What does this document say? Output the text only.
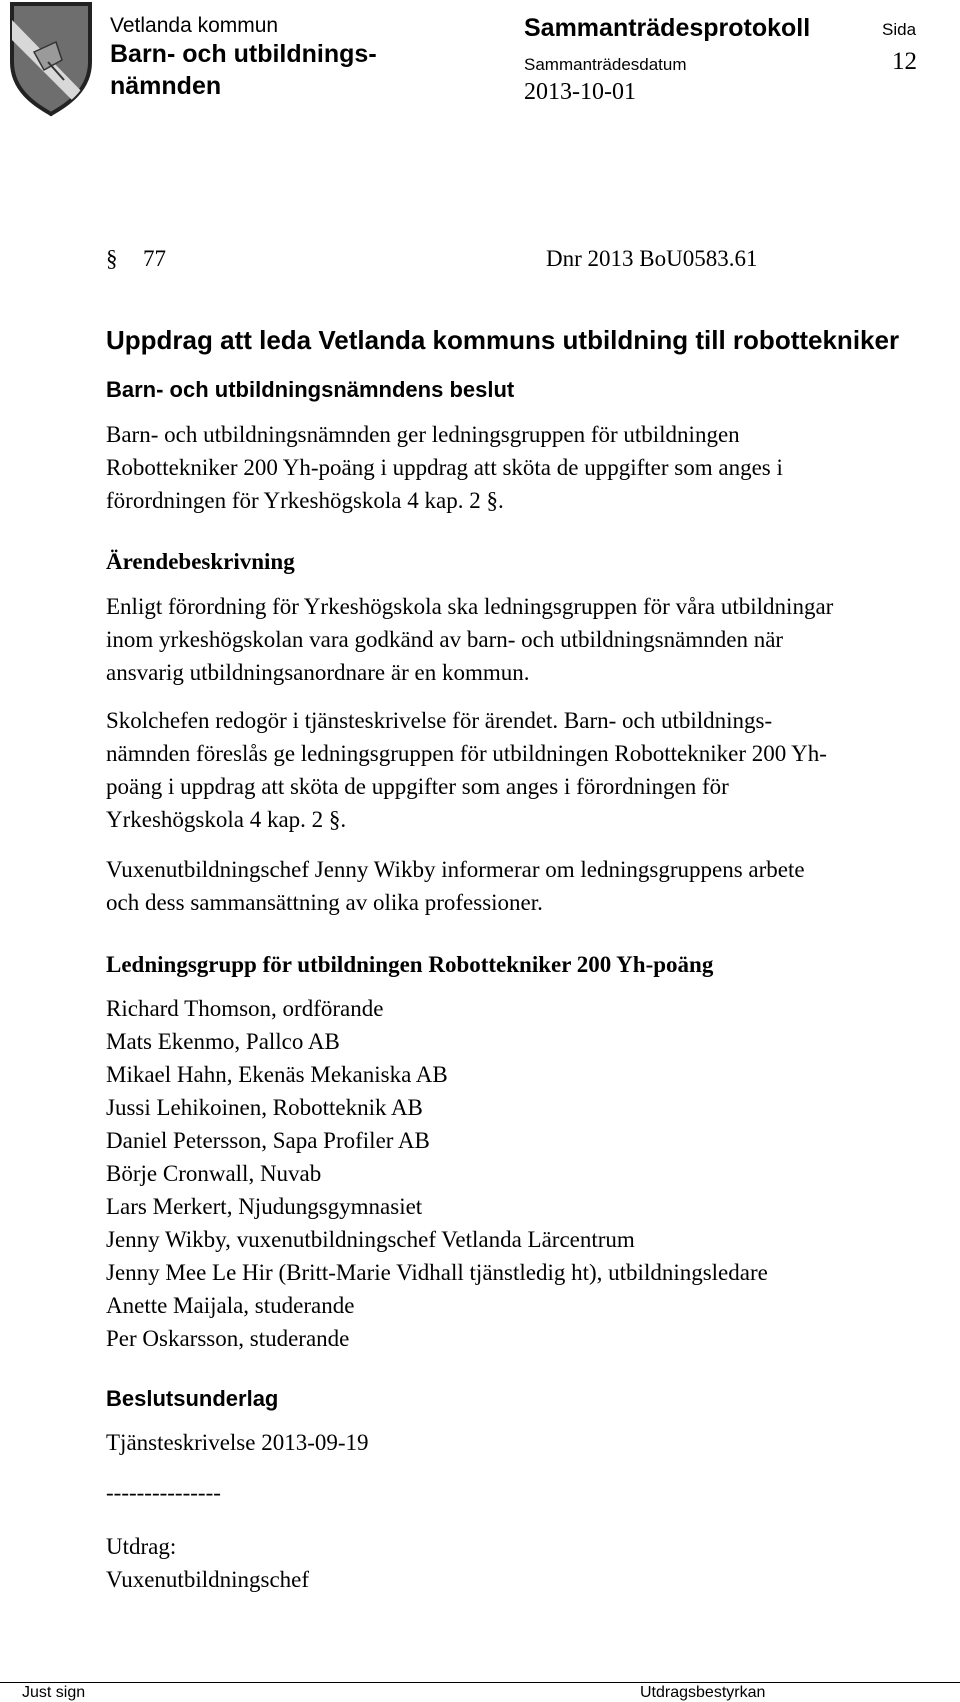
Vetlanda kommun
Barn- och utbildnings-
nämnden
Sammanträdesprotokoll
Sammanträdesdatum
2013-10-01
Sida
12
§ 77	Dnr 2013 BoU0583.61
Uppdrag att leda Vetlanda kommuns utbildning till robottekniker
Barn- och utbildningsnämndens beslut
Barn- och utbildningsnämnden ger ledningsgruppen för utbildningen
Robottekniker 200 Yh-poäng i uppdrag att sköta de uppgifter som anges i
förordningen för Yrkeshögskola 4 kap. 2 §.
Ärendebeskrivning
Enligt förordning för Yrkeshögskola ska ledningsgruppen för våra utbildningar
inom yrkeshögskolan vara godkänd av barn- och utbildningsnämnden när
ansvarig utbildningsanordnare är en kommun.
Skolchefen redogör i tjänsteskrivelse för ärendet. Barn- och utbildnings-
nämnden föreslås ge ledningsgruppen för utbildningen Robottekniker 200 Yh-
poäng i uppdrag att sköta de uppgifter som anges i förordningen för
Yrkeshögskola 4 kap. 2 §.
Vuxenutbildningschef Jenny Wikby informerar om ledningsgruppens arbete
och dess sammansättning av olika professioner.
Ledningsgrupp för utbildningen Robottekniker 200 Yh-poäng
Richard Thomson, ordförande
Mats Ekenmo, Pallco AB
Mikael Hahn, Ekenäs Mekaniska AB
Jussi Lehikoinen, Robotteknik AB
Daniel Petersson, Sapa Profiler AB
Börje Cronwall, Nuvab
Lars Merkert, Njudungsgymnasiet
Jenny Wikby, vuxenutbildningschef Vetlanda Lärcentrum
Jenny Mee Le Hir (Britt-Marie Vidhall tjänstledig ht), utbildningsledare
Anette Maijala, studerande
Per Oskarsson, studerande
Beslutsunderlag
Tjänsteskrivelse 2013-09-19
---------------
Utdrag:
Vuxenutbildningschef
Just sign	Utdragsbestyrkan
